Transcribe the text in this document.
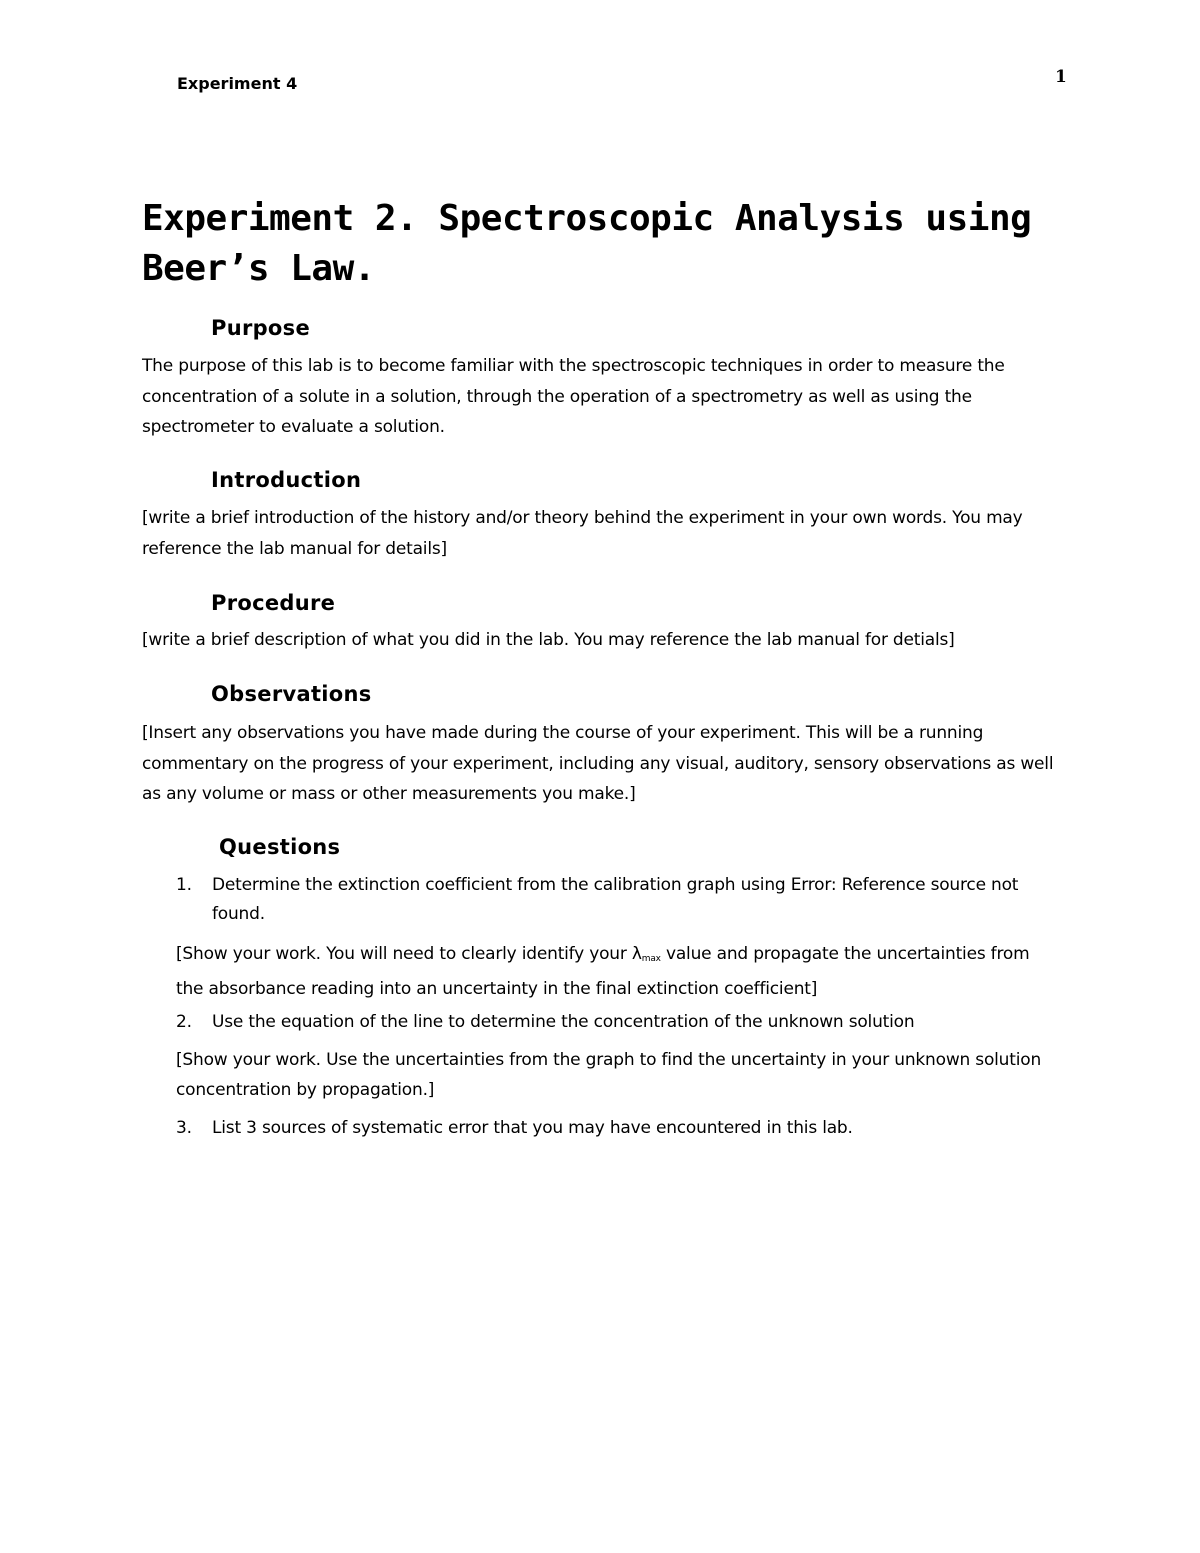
Experiment 4	1
Experiment 2. Spectroscopic Analysis using Beer’s Law.
Purpose

The purpose of this lab is to become familiar with the spectroscopic techniques in order to measure the concentration of a solute in a solution, through the operation of a spectrometry as well as using the spectrometer to evaluate a solution.

Introduction

[write a brief introduction of the history and/or theory behind the experiment in your own words. You may reference the lab manual for details]

Procedure

[write a brief description of what you did in the lab. You may reference the lab manual for detials]

Observations

[Insert any observations you have made during the course of your experiment. This will be a running commentary on the progress of your experiment, including any visual, auditory, sensory observations as well as any volume or mass or other measurements you make.]

Questions
1. Determine the extinction coefficient from the calibration graph using Error: Reference source not found.

[Show your work. You will need to clearly identify your λmax value and propagate the uncertainties from the absorbance reading into an uncertainty in the final extinction coefficient]

2. Use the equation of the line to determine the concentration of the unknown solution

[Show your work. Use the uncertainties from the graph to find the uncertainty in your unknown solution concentration by propagation.]

3. List 3 sources of systematic error that you may have encountered in this lab.
